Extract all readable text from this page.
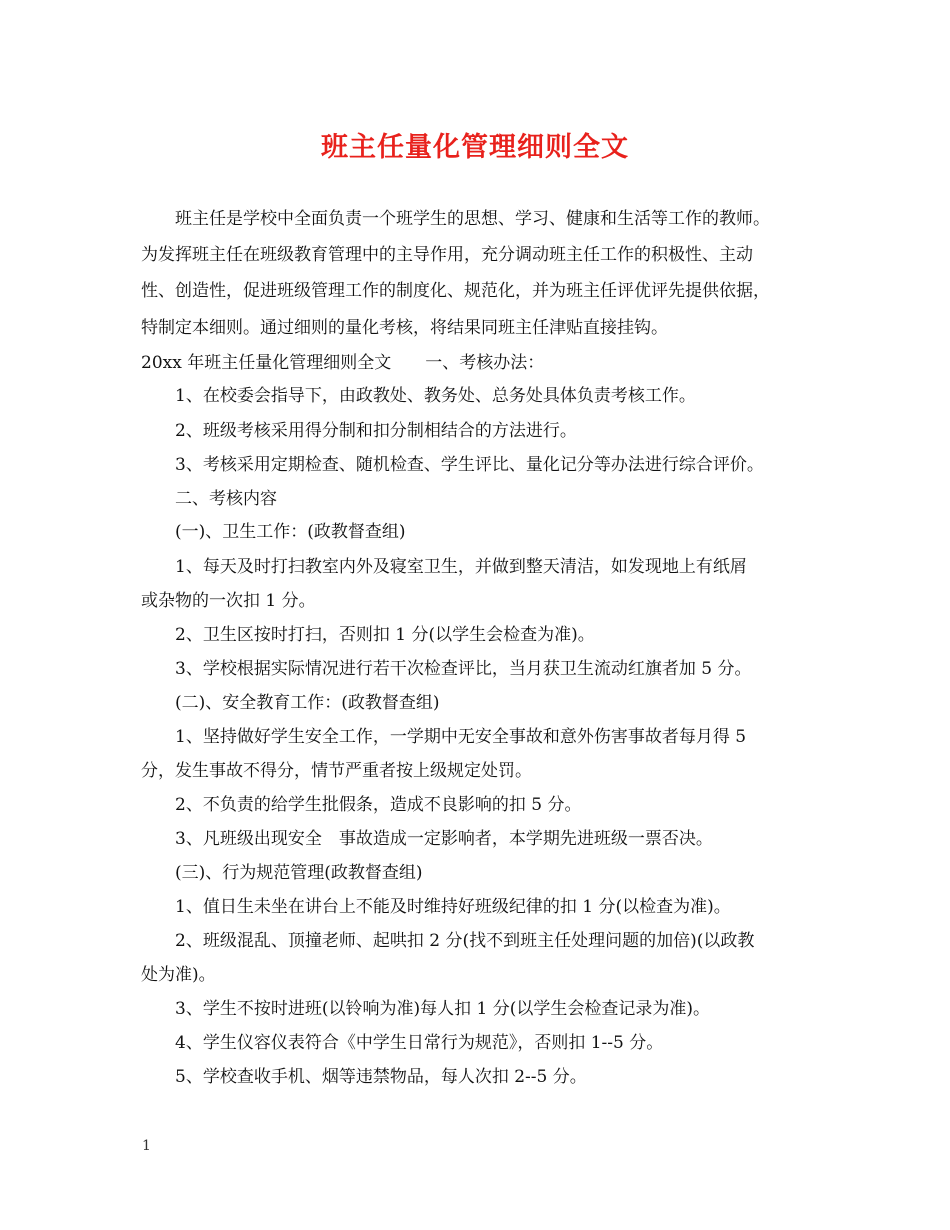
班主任量化管理细则全文
班主任是学校中全面负责一个班学生的思想、学习、健康和生活等工作的教师。
为发挥班主任在班级教育管理中的主导作用，充分调动班主任工作的积极性、主动
性、创造性，促进班级管理工作的制度化、规范化，并为班主任评优评先提供依据，
特制定本细则。通过细则的量化考核，将结果同班主任津贴直接挂钩。
20xx 年班主任量化管理细则全文　　一、考核办法：
1、在校委会指导下，由政教处、教务处、总务处具体负责考核工作。
2、班级考核采用得分制和扣分制相结合的方法进行。
3、考核采用定期检查、随机检查、学生评比、量化记分等办法进行综合评价。
二、考核内容
(一)、卫生工作：(政教督查组)
1、每天及时打扫教室内外及寝室卫生，并做到整天清洁，如发现地上有纸屑
或杂物的一次扣 1 分。
2、卫生区按时打扫，否则扣 1 分(以学生会检查为准)。
3、学校根据实际情况进行若干次检查评比，当月获卫生流动红旗者加 5 分。
(二)、安全教育工作：(政教督查组)
1、坚持做好学生安全工作，一学期中无安全事故和意外伤害事故者每月得 5
分，发生事故不得分，情节严重者按上级规定处罚。
2、不负责的给学生批假条，造成不良影响的扣 5 分。
3、凡班级出现安全　事故造成一定影响者，本学期先进班级一票否决。
(三)、行为规范管理(政教督查组)
1、值日生未坐在讲台上不能及时维持好班级纪律的扣 1 分(以检查为准)。
2、班级混乱、顶撞老师、起哄扣 2 分(找不到班主任处理问题的加倍)(以政教
处为准)。
3、学生不按时进班(以铃响为准)每人扣 1 分(以学生会检查记录为准)。
4、学生仪容仪表符合《中学生日常行为规范》，否则扣 1--5 分。
5、学校查收手机、烟等违禁物品，每人次扣 2--5 分。
1
